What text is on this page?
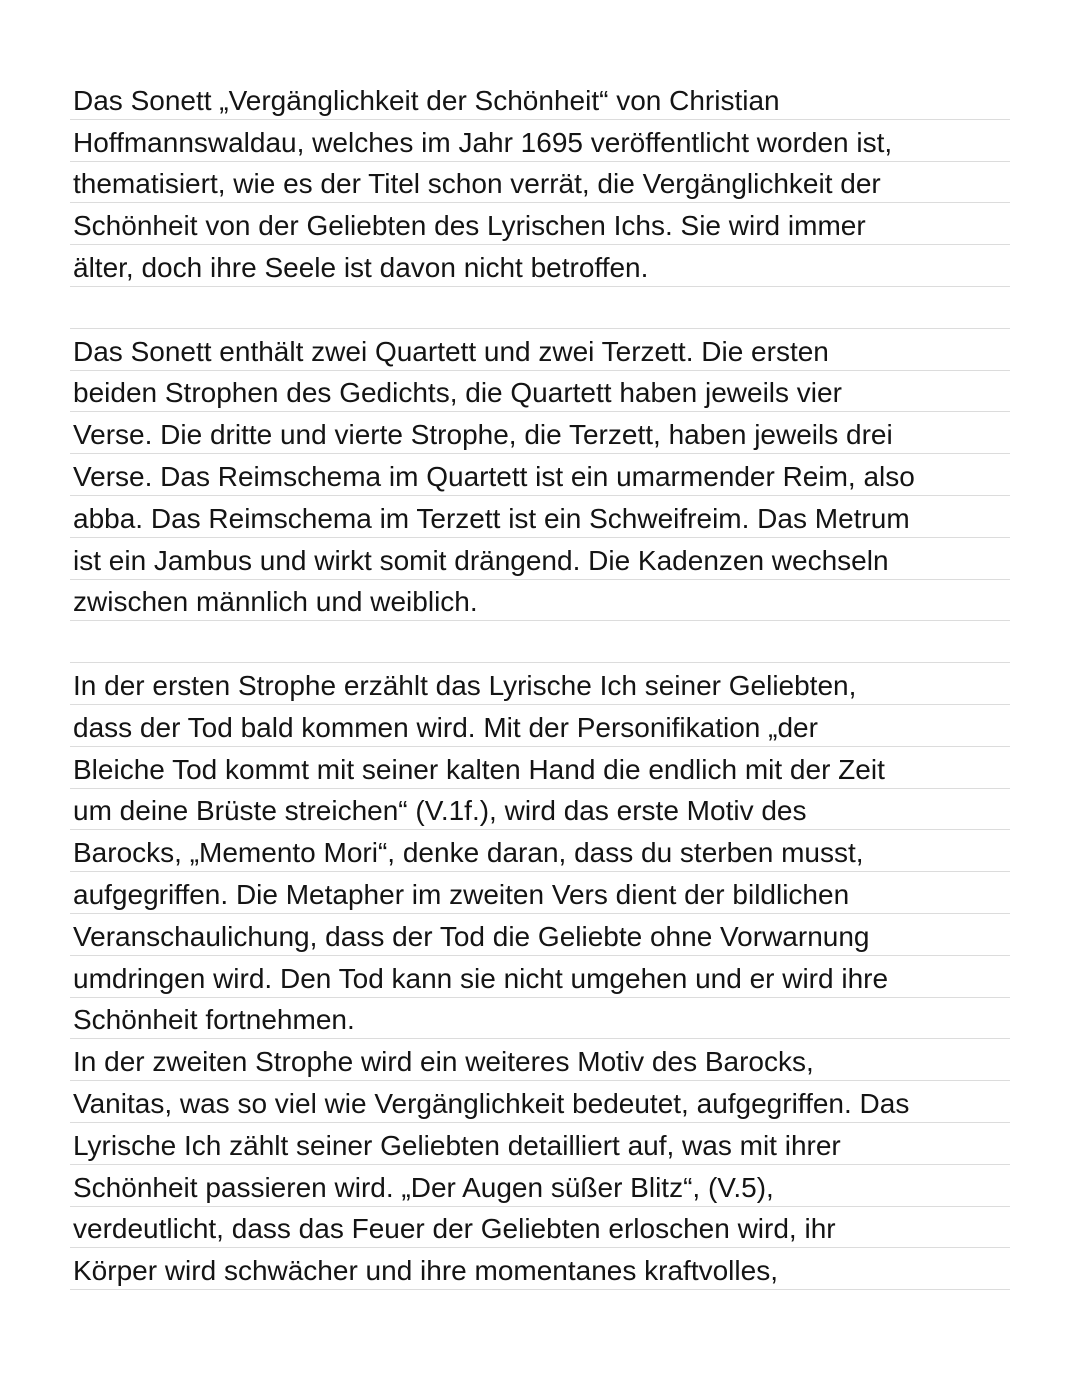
Das Sonett „Vergänglichkeit der Schönheit“ von Christian
Hoffmannswaldau, welches im Jahr 1695 veröffentlicht worden ist,
thematisiert, wie es der Titel schon verrät, die Vergänglichkeit der
Schönheit von der Geliebten des Lyrischen Ichs. Sie wird immer
älter, doch ihre Seele ist davon nicht betroffen.
Das Sonett enthält zwei Quartett und zwei Terzett. Die ersten
beiden Strophen des Gedichts, die Quartett haben jeweils vier
Verse. Die dritte und vierte Strophe, die Terzett, haben jeweils drei
Verse. Das Reimschema im Quartett ist ein umarmender Reim, also
abba. Das Reimschema im Terzett ist ein Schweifreim. Das Metrum
ist ein Jambus und wirkt somit drängend. Die Kadenzen wechseln
zwischen männlich und weiblich.
In der ersten Strophe erzählt das Lyrische Ich seiner Geliebten,
dass der Tod bald kommen wird. Mit der Personifikation „der
Bleiche Tod kommt mit seiner kalten Hand die endlich mit der Zeit
um deine Brüste streichen“ (V.1f.), wird das erste Motiv des
Barocks, „Memento Mori“, denke daran, dass du sterben musst,
aufgegriffen. Die Metapher im zweiten Vers dient der bildlichen
Veranschaulichung, dass der Tod die Geliebte ohne Vorwarnung
umdringen wird. Den Tod kann sie nicht umgehen und er wird ihre
Schönheit fortnehmen.
In der zweiten Strophe wird ein weiteres Motiv des Barocks,
Vanitas, was so viel wie Vergänglichkeit bedeutet, aufgegriffen. Das
Lyrische Ich zählt seiner Geliebten detailliert auf, was mit ihrer
Schönheit passieren wird. „Der Augen süßer Blitz“, (V.5),
verdeutlicht, dass das Feuer der Geliebten erloschen wird, ihr
Körper wird schwächer und ihre momentanes kraftvolles,
